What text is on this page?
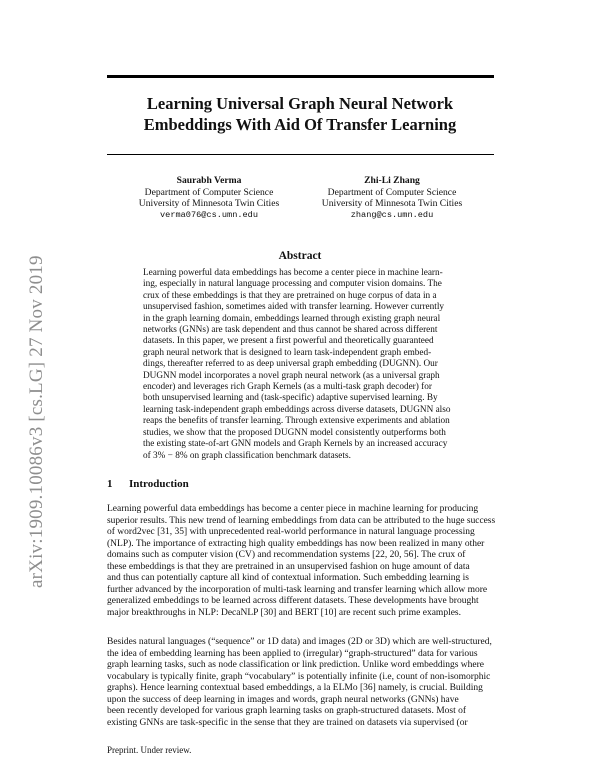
Learning Universal Graph Neural Network
Embeddings With Aid Of Transfer Learning
Saurabh Verma
Department of Computer Science
University of Minnesota Twin Cities
verma076@cs.umn.edu
Zhi-Li Zhang
Department of Computer Science
University of Minnesota Twin Cities
zhang@cs.umn.edu
Abstract
Learning powerful data embeddings has become a center piece in machine learn-
ing, especially in natural language processing and computer vision domains. The
crux of these embeddings is that they are pretrained on huge corpus of data in a
unsupervised fashion, sometimes aided with transfer learning. However currently
in the graph learning domain, embeddings learned through existing graph neural
networks (GNNs) are task dependent and thus cannot be shared across different
datasets. In this paper, we present a first powerful and theoretically guaranteed
graph neural network that is designed to learn task-independent graph embed-
dings, thereafter referred to as deep universal graph embedding (DUGNN). Our
DUGNN model incorporates a novel graph neural network (as a universal graph
encoder) and leverages rich Graph Kernels (as a multi-task graph decoder) for
both unsupervised learning and (task-specific) adaptive supervised learning. By
learning task-independent graph embeddings across diverse datasets, DUGNN also
reaps the benefits of transfer learning. Through extensive experiments and ablation
studies, we show that the proposed DUGNN model consistently outperforms both
the existing state-of-art GNN models and Graph Kernels by an increased accuracy
of 3% − 8% on graph classification benchmark datasets.
1 Introduction
Learning powerful data embeddings has become a center piece in machine learning for producing
superior results. This new trend of learning embeddings from data can be attributed to the huge success
of word2vec [31, 35] with unprecedented real-world performance in natural language processing
(NLP). The importance of extracting high quality embeddings has now been realized in many other
domains such as computer vision (CV) and recommendation systems [22, 20, 56]. The crux of
these embeddings is that they are pretrained in an unsupervised fashion on huge amount of data
and thus can potentially capture all kind of contextual information. Such embedding learning is
further advanced by the incorporation of multi-task learning and transfer learning which allow more
generalized embeddings to be learned across different datasets. These developments have brought
major breakthroughs in NLP: DecaNLP [30] and BERT [10] are recent such prime examples.
Besides natural languages (“sequence” or 1D data) and images (2D or 3D) which are well-structured,
the idea of embedding learning has been applied to (irregular) “graph-structured” data for various
graph learning tasks, such as node classification or link prediction. Unlike word embeddings where
vocabulary is typically finite, graph “vocabulary” is potentially infinite (i.e, count of non-isomorphic
graphs). Hence learning contextual based embeddings, a la ELMo [36] namely, is crucial. Building
upon the success of deep learning in images and words, graph neural networks (GNNs) have
been recently developed for various graph learning tasks on graph-structured datasets. Most of
existing GNNs are task-specific in the sense that they are trained on datasets via supervised (or
Preprint. Under review.
arXiv:1909.10086v3 [cs.LG] 27 Nov 2019
